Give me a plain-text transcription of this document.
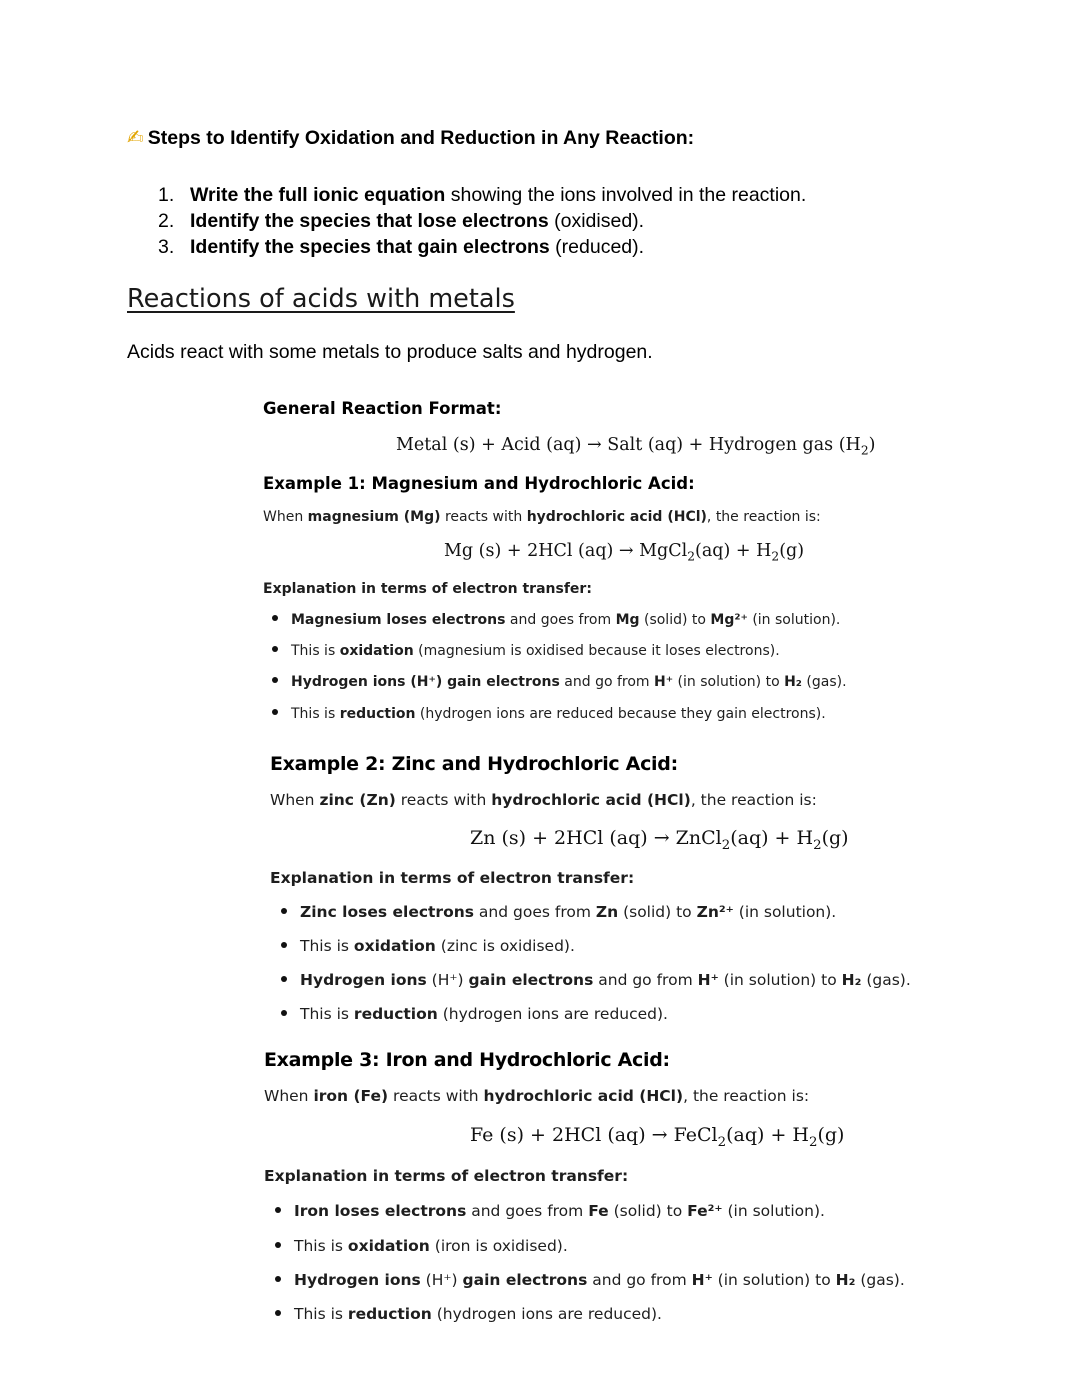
✍ Steps to Identify Oxidation and Reduction in Any Reaction:
1. Write the full ionic equation showing the ions involved in the reaction.
2. Identify the species that lose electrons (oxidised).
3. Identify the species that gain electrons (reduced).
Reactions of acids with metals
Acids react with some metals to produce salts and hydrogen.
General Reaction Format:
Metal (s) + Acid (aq) → Salt (aq) + Hydrogen gas $(H_2)$
Example 1: Magnesium and Hydrochloric Acid:
When magnesium (Mg) reacts with hydrochloric acid (HCl), the reaction is:
Mg (s) + 2HCl (aq) → MgCl$_2$(aq) + $H_2(g)$
Explanation in terms of electron transfer:
Magnesium loses electrons and goes from Mg (solid) to Mg²⁺ (in solution).
This is oxidation (magnesium is oxidised because it loses electrons).
Hydrogen ions (H⁺) gain electrons and go from H⁺ (in solution) to H₂ (gas).
This is reduction (hydrogen ions are reduced because they gain electrons).
Example 2: Zinc and Hydrochloric Acid:
When zinc (Zn) reacts with hydrochloric acid (HCl), the reaction is:
Zn (s) + 2HCl (aq) → ZnCl$_2$(aq) + $H_2(g)$
Explanation in terms of electron transfer:
Zinc loses electrons and goes from Zn (solid) to Zn²⁺ (in solution).
This is oxidation (zinc is oxidised).
Hydrogen ions (H⁺) gain electrons and go from H⁺ (in solution) to H₂ (gas).
This is reduction (hydrogen ions are reduced).
Example 3: Iron and Hydrochloric Acid:
When iron (Fe) reacts with hydrochloric acid (HCl), the reaction is:
Fe (s) + 2HCl (aq) → FeCl$_2$(aq) + $H_2(g)$
Explanation in terms of electron transfer:
Iron loses electrons and goes from Fe (solid) to Fe²⁺ (in solution).
This is oxidation (iron is oxidised).
Hydrogen ions (H⁺) gain electrons and go from H⁺ (in solution) to H₂ (gas).
This is reduction (hydrogen ions are reduced).
